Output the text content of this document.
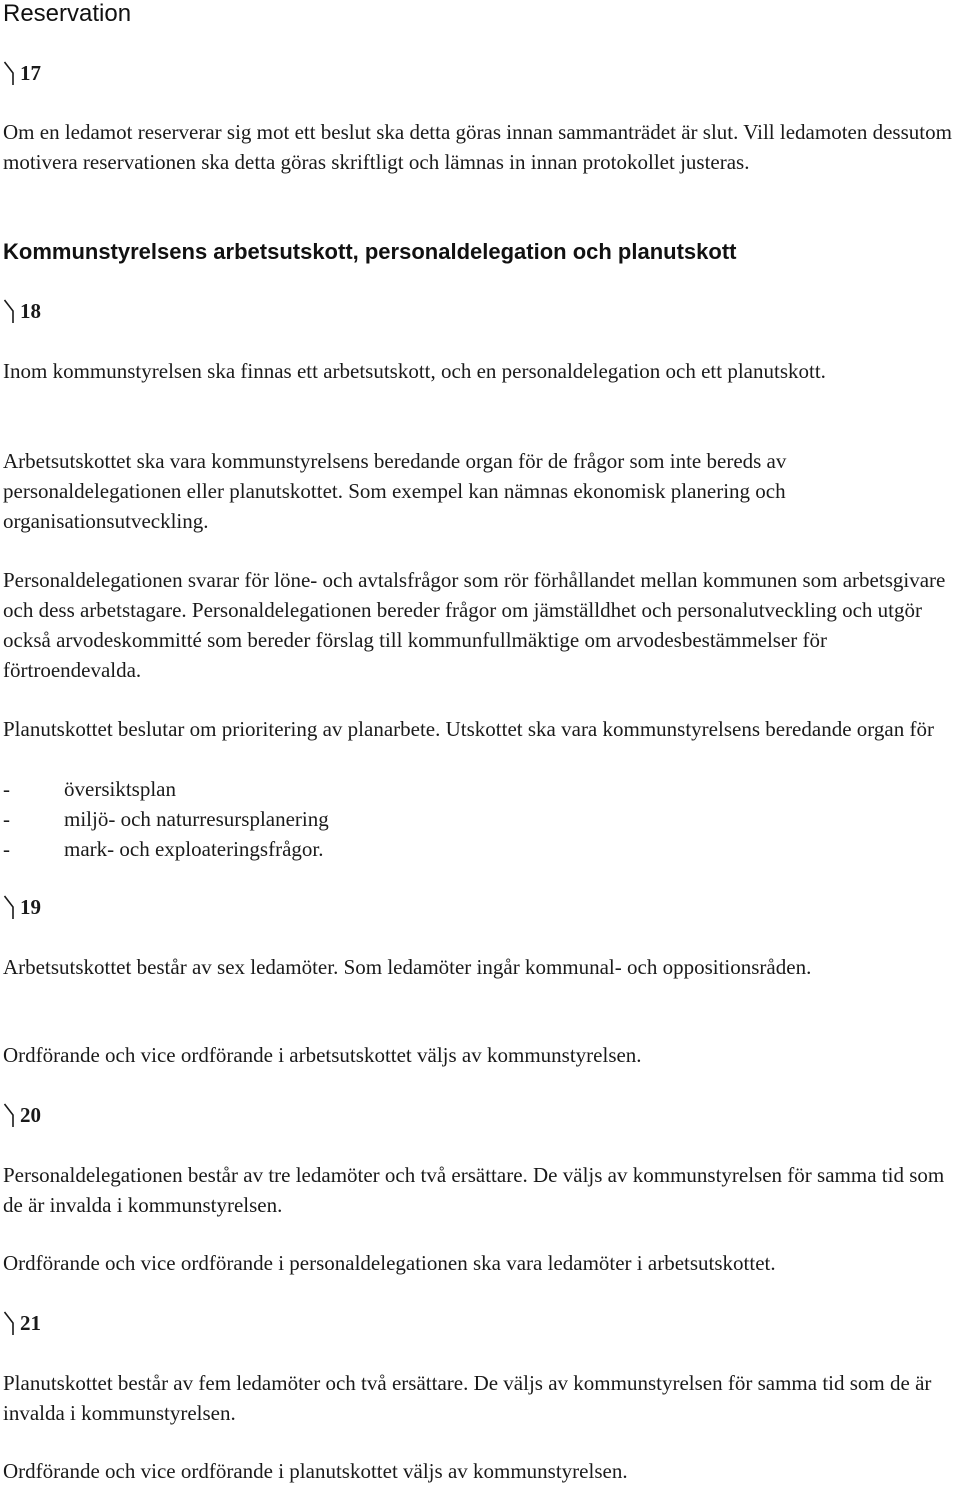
Reservation
17

Om en ledamot reserverar sig mot ett beslut ska detta göras innan sammanträdet är slut. Vill ledamoten dessutom motivera reservationen ska detta göras skriftligt och lämnas in innan protokollet justeras.

Kommunstyrelsens arbetsutskott, personaldelegation och planutskott
18

Inom kommunstyrelsen ska finnas ett arbetsutskott, och en personaldelegation och ett planutskott.

Arbetsutskottet ska vara kommunstyrelsens beredande organ för de frågor som inte bereds av personaldelegationen eller planutskottet. Som exempel kan nämnas ekonomisk planering och organisationsutveckling.

Personaldelegationen svarar för löne- och avtalsfrågor som rör förhållandet mellan kommunen som arbetsgivare och dess arbetstagare. Personaldelegationen bereder frågor om jämställdhet och personalutveckling och utgör också arvodeskommitté som bereder förslag till kommunfullmäktige om arvodesbestämmelser för förtroendevalda.

Planutskottet beslutar om prioritering av planarbete. Utskottet ska vara kommunstyrelsens beredande organ för

-	översiktsplan
-	miljö- och naturresursplanering
-	mark- och exploateringsfrågor.
19

Arbetsutskottet består av sex ledamöter. Som ledamöter ingår kommunal- och oppositionsråden.

Ordförande och vice ordförande i arbetsutskottet väljs av kommunstyrelsen.

20

Personaldelegationen består av tre ledamöter och två ersättare. De väljs av kommunstyrelsen för samma tid som de är invalda i kommunstyrelsen.

Ordförande och vice ordförande i personaldelegationen ska vara ledamöter i arbetsutskottet.

21

Planutskottet består av fem ledamöter och två ersättare. De väljs av kommunstyrelsen för samma tid som de är invalda i kommunstyrelsen.

Ordförande och vice ordförande i planutskottet väljs av kommunstyrelsen.
